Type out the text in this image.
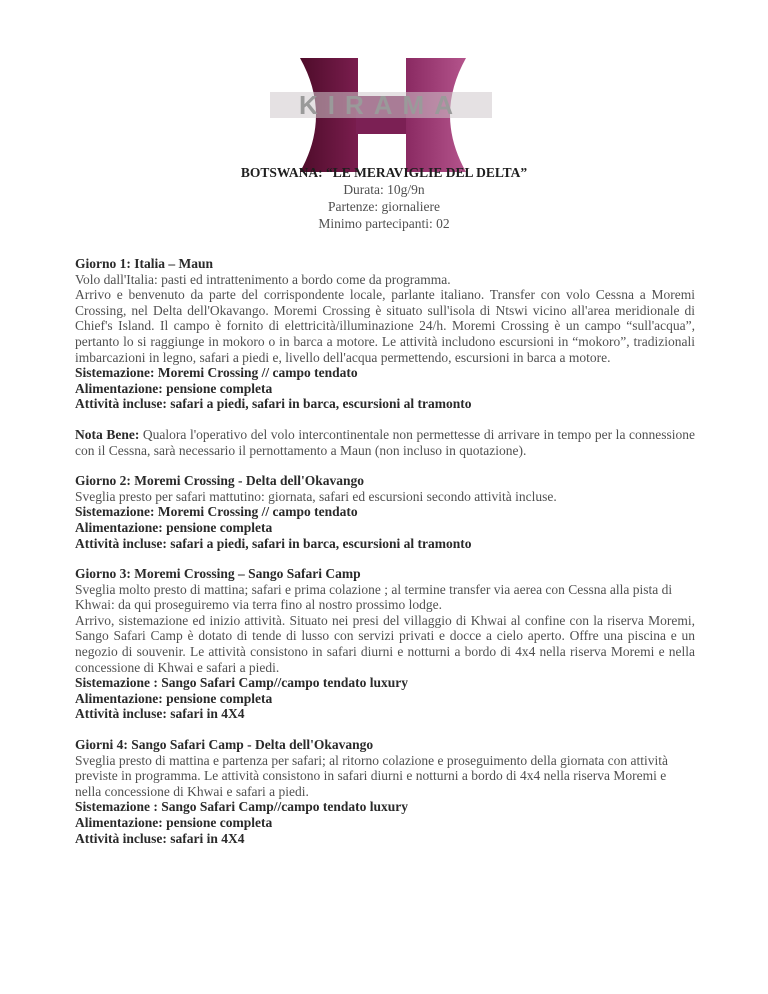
KIRAMA
BOTSWANA: “LE MERAVIGLIE DEL DELTA”
Durata: 10g/9n
Partenze: giornaliere
Minimo partecipanti: 02
Giorno 1: Italia – Maun
Volo dall'Italia: pasti ed intrattenimento a bordo come da programma.
Arrivo e benvenuto da parte del corrispondente locale, parlante italiano. Transfer con volo Cessna a Moremi Crossing, nel Delta dell'Okavango. Moremi Crossing è situato sull'isola di Ntswi vicino all'area meridionale di Chief's Island. Il campo è fornito di elettricità/illuminazione 24/h. Moremi Crossing è un campo “sull'acqua”, pertanto lo si raggiunge in mokoro o in barca a motore. Le attività includono escursioni in “mokoro”, tradizionali imbarcazioni in legno, safari a piedi e, livello dell'acqua permettendo, escursioni in barca a motore.
Sistemazione: Moremi Crossing // campo tendato
Alimentazione: pensione completa
Attività incluse: safari a piedi, safari in barca, escursioni al tramonto
Nota Bene: Qualora l'operativo del volo intercontinentale non permettesse di arrivare in tempo per la connessione con il Cessna, sarà necessario il pernottamento a Maun (non incluso in quotazione).
Giorno 2: Moremi Crossing - Delta dell'Okavango
Sveglia presto per safari mattutino: giornata, safari ed escursioni secondo attività incluse.
Sistemazione: Moremi Crossing // campo tendato
Alimentazione: pensione completa
Attività incluse: safari a piedi, safari in barca, escursioni al tramonto
Giorno 3: Moremi Crossing – Sango Safari Camp
Sveglia molto presto di mattina; safari e prima colazione ; al termine transfer via aerea con Cessna alla pista di Khwai: da qui proseguiremo via terra fino al nostro prossimo lodge.
Arrivo, sistemazione ed inizio attività. Situato nei presi del villaggio di Khwai al confine con la riserva Moremi, Sango Safari Camp è dotato di tende di lusso con servizi privati e docce a cielo aperto. Offre una piscina e un negozio di souvenir. Le attività consistono in safari diurni e notturni a bordo di 4x4 nella riserva Moremi e nella concessione di Khwai e safari a piedi.
Sistemazione : Sango Safari Camp//campo tendato luxury
Alimentazione: pensione completa
Attività incluse: safari in 4X4
Giorni 4: Sango Safari Camp - Delta dell'Okavango
Sveglia presto di mattina e partenza per safari; al ritorno colazione e proseguimento della giornata con attività previste in programma. Le attività consistono in safari diurni e notturni a bordo di 4x4 nella riserva Moremi e nella concessione di Khwai e safari a piedi.
Sistemazione : Sango Safari Camp//campo tendato luxury
Alimentazione: pensione completa
Attività incluse: safari in 4X4
